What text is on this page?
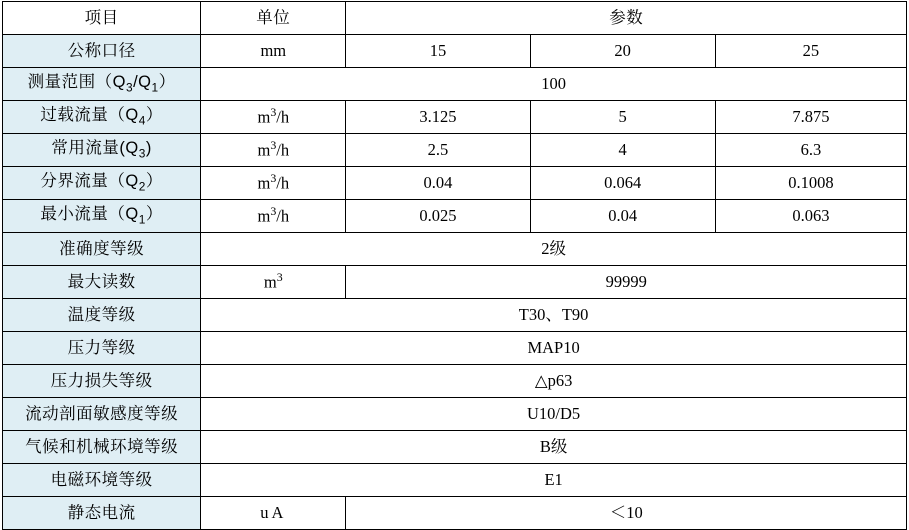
项目	单位	参数		
公称口径	mm	15	20	25
测量范围$(Q_3/Q_1)$	100			
过载流量$(Q_4)$	$m^3/h$	3.125	5	7.875
常用流量$(Q_3)$	$m^3/h$	2.5	4	6.3
分界流量$(Q_2)$	$m^3/h$	0.04	0.064	0.1008
最小流量$(Q_1)$	$m^3/h$	0.025	0.04	0.063
准确度等级	2级			
最大读数	$m^3$	99999		
温度等级	T30、T90			
压力等级	MAP10			
压力损失等级	△p63			
流动剖面敏感度等级	U10/D5			
气候和机械环境等级	B级			
电磁环境等级	E1			
静态电流	uA	＜10		
